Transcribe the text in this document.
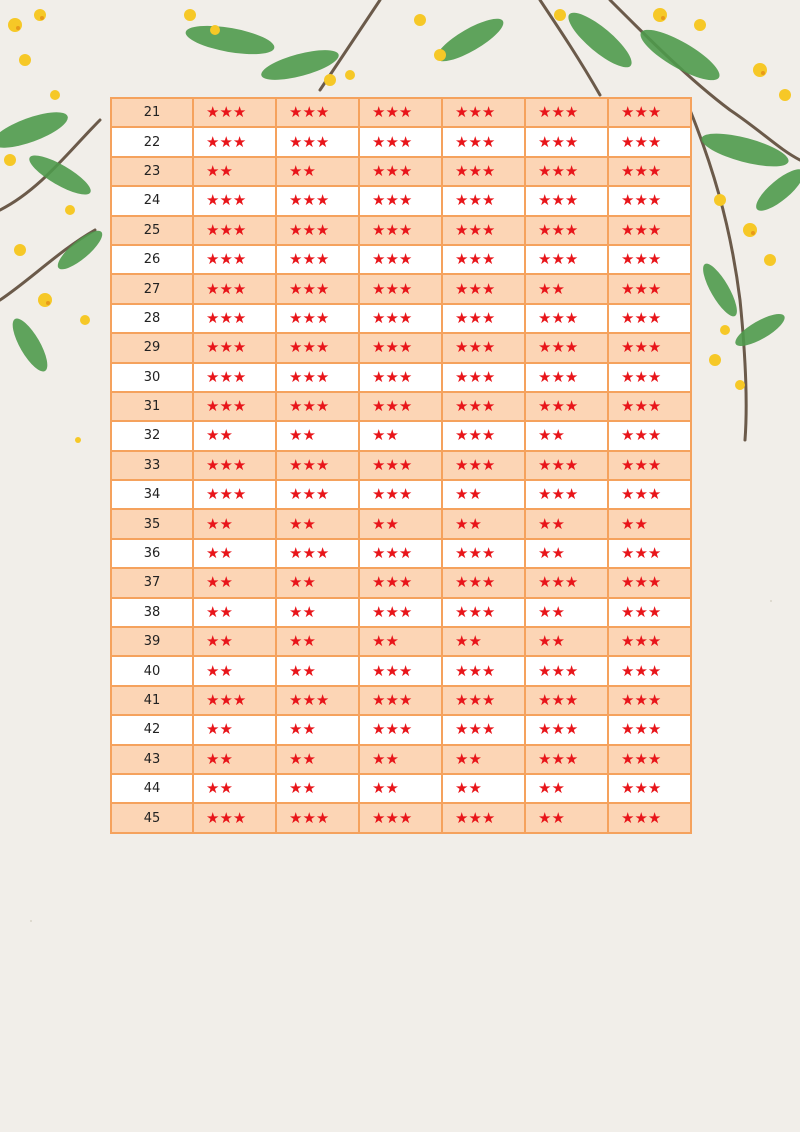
21	★★★	★★★	★★★	★★★	★★★	★★★
22	★★★	★★★	★★★	★★★	★★★	★★★
23	★★	★★	★★★	★★★	★★★	★★★
24	★★★	★★★	★★★	★★★	★★★	★★★
25	★★★	★★★	★★★	★★★	★★★	★★★
26	★★★	★★★	★★★	★★★	★★★	★★★
27	★★★	★★★	★★★	★★★	★★	★★★
28	★★★	★★★	★★★	★★★	★★★	★★★
29	★★★	★★★	★★★	★★★	★★★	★★★
30	★★★	★★★	★★★	★★★	★★★	★★★
31	★★★	★★★	★★★	★★★	★★★	★★★
32	★★	★★	★★	★★★	★★	★★★
33	★★★	★★★	★★★	★★★	★★★	★★★
34	★★★	★★★	★★★	★★	★★★	★★★
35	★★	★★	★★	★★	★★	★★
36	★★	★★★	★★★	★★★	★★	★★★
37	★★	★★	★★★	★★★	★★★	★★★
38	★★	★★	★★★	★★★	★★	★★★
39	★★	★★	★★	★★	★★	★★★
40	★★	★★	★★★	★★★	★★★	★★★
41	★★★	★★★	★★★	★★★	★★★	★★★
42	★★	★★	★★★	★★★	★★★	★★★
43	★★	★★	★★	★★	★★★	★★★
44	★★	★★	★★	★★	★★	★★★
45	★★★	★★★	★★★	★★★	★★	★★★
